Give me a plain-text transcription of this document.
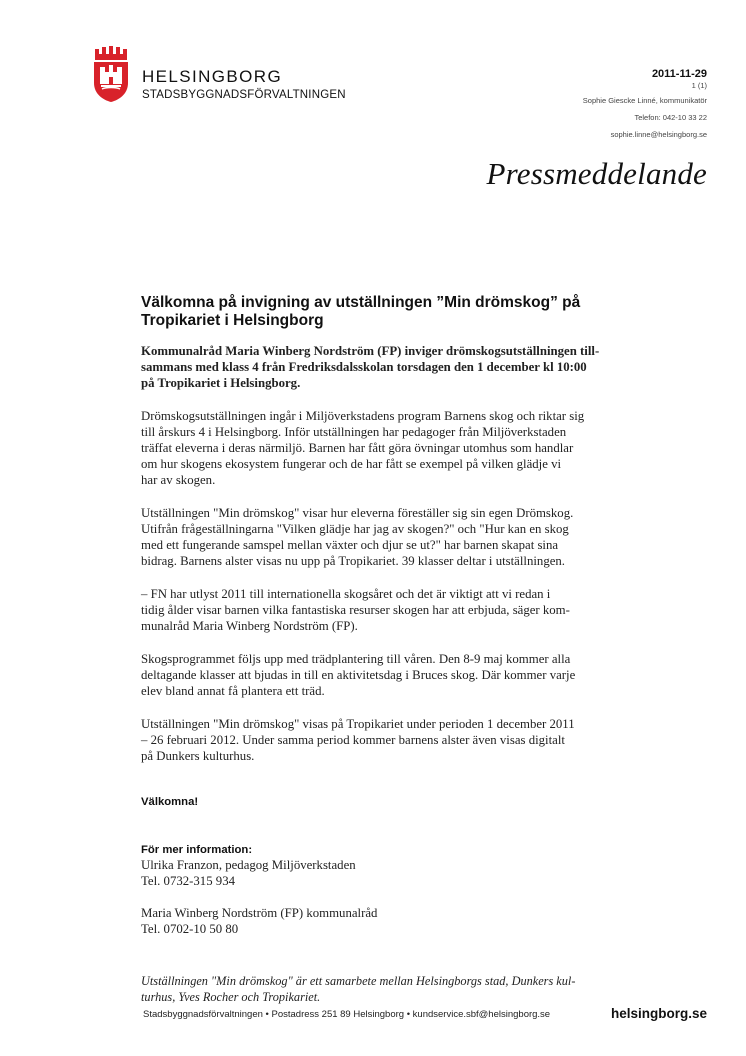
HELSINGBORG
STADSBYGGNADSFÖRVALTNINGEN
2011-11-29
1 (1)
Sophie Giescke Linné, kommunikatör
Telefon: 042-10 33 22
sophie.linne@helsingborg.se
Pressmeddelande
Välkomna på invigning av utställningen ”Min drömskog” på
Tropikariet i Helsingborg

Kommunalråd Maria Winberg Nordström (FP) inviger drömskogsutställningen till-
sammans med klass 4 från Fredriksdalsskolan torsdagen den 1 december kl 10:00
på Tropikariet i Helsingborg.

Drömskogsutställningen ingår i Miljöverkstadens program Barnens skog och riktar sig
till årskurs 4 i Helsingborg. Inför utställningen har pedagoger från Miljöverkstaden
träffat eleverna i deras närmiljö. Barnen har fått göra övningar utomhus som handlar
om hur skogens ekosystem fungerar och de har fått se exempel på vilken glädje vi
har av skogen.

Utställningen "Min drömskog" visar hur eleverna föreställer sig sin egen Drömskog.
Utifrån frågeställningarna "Vilken glädje har jag av skogen?" och "Hur kan en skog
med ett fungerande samspel mellan växter och djur se ut?" har barnen skapat sina
bidrag. Barnens alster visas nu upp på Tropikariet. 39 klasser deltar i utställningen.

– FN har utlyst 2011 till internationella skogsåret och det är viktigt att vi redan i
tidig ålder visar barnen vilka fantastiska resurser skogen har att erbjuda, säger kom-
munalråd Maria Winberg Nordström (FP).

Skogsprogrammet följs upp med trädplantering till våren. Den 8-9 maj kommer alla
deltagande klasser att bjudas in till en aktivitetsdag i Bruces skog. Där kommer varje
elev bland annat få plantera ett träd.

Utställningen "Min drömskog" visas på Tropikariet under perioden 1 december 2011
– 26 februari 2012. Under samma period kommer barnens alster även visas digitalt
på Dunkers kulturhus.

Välkomna!
För mer information:
Ulrika Franzon, pedagog Miljöverkstaden
Tel. 0732-315 934
Maria Winberg Nordström (FP) kommunalråd
Tel. 0702-10 50 80
Utställningen "Min drömskog" är ett samarbete mellan Helsingborgs stad, Dunkers kul-
turhus, Yves Rocher och Tropikariet.
Stadsbyggnadsförvaltningen • Postadress 251 89 Helsingborg • kundservice.sbf@helsingborg.se	helsingborg.se
